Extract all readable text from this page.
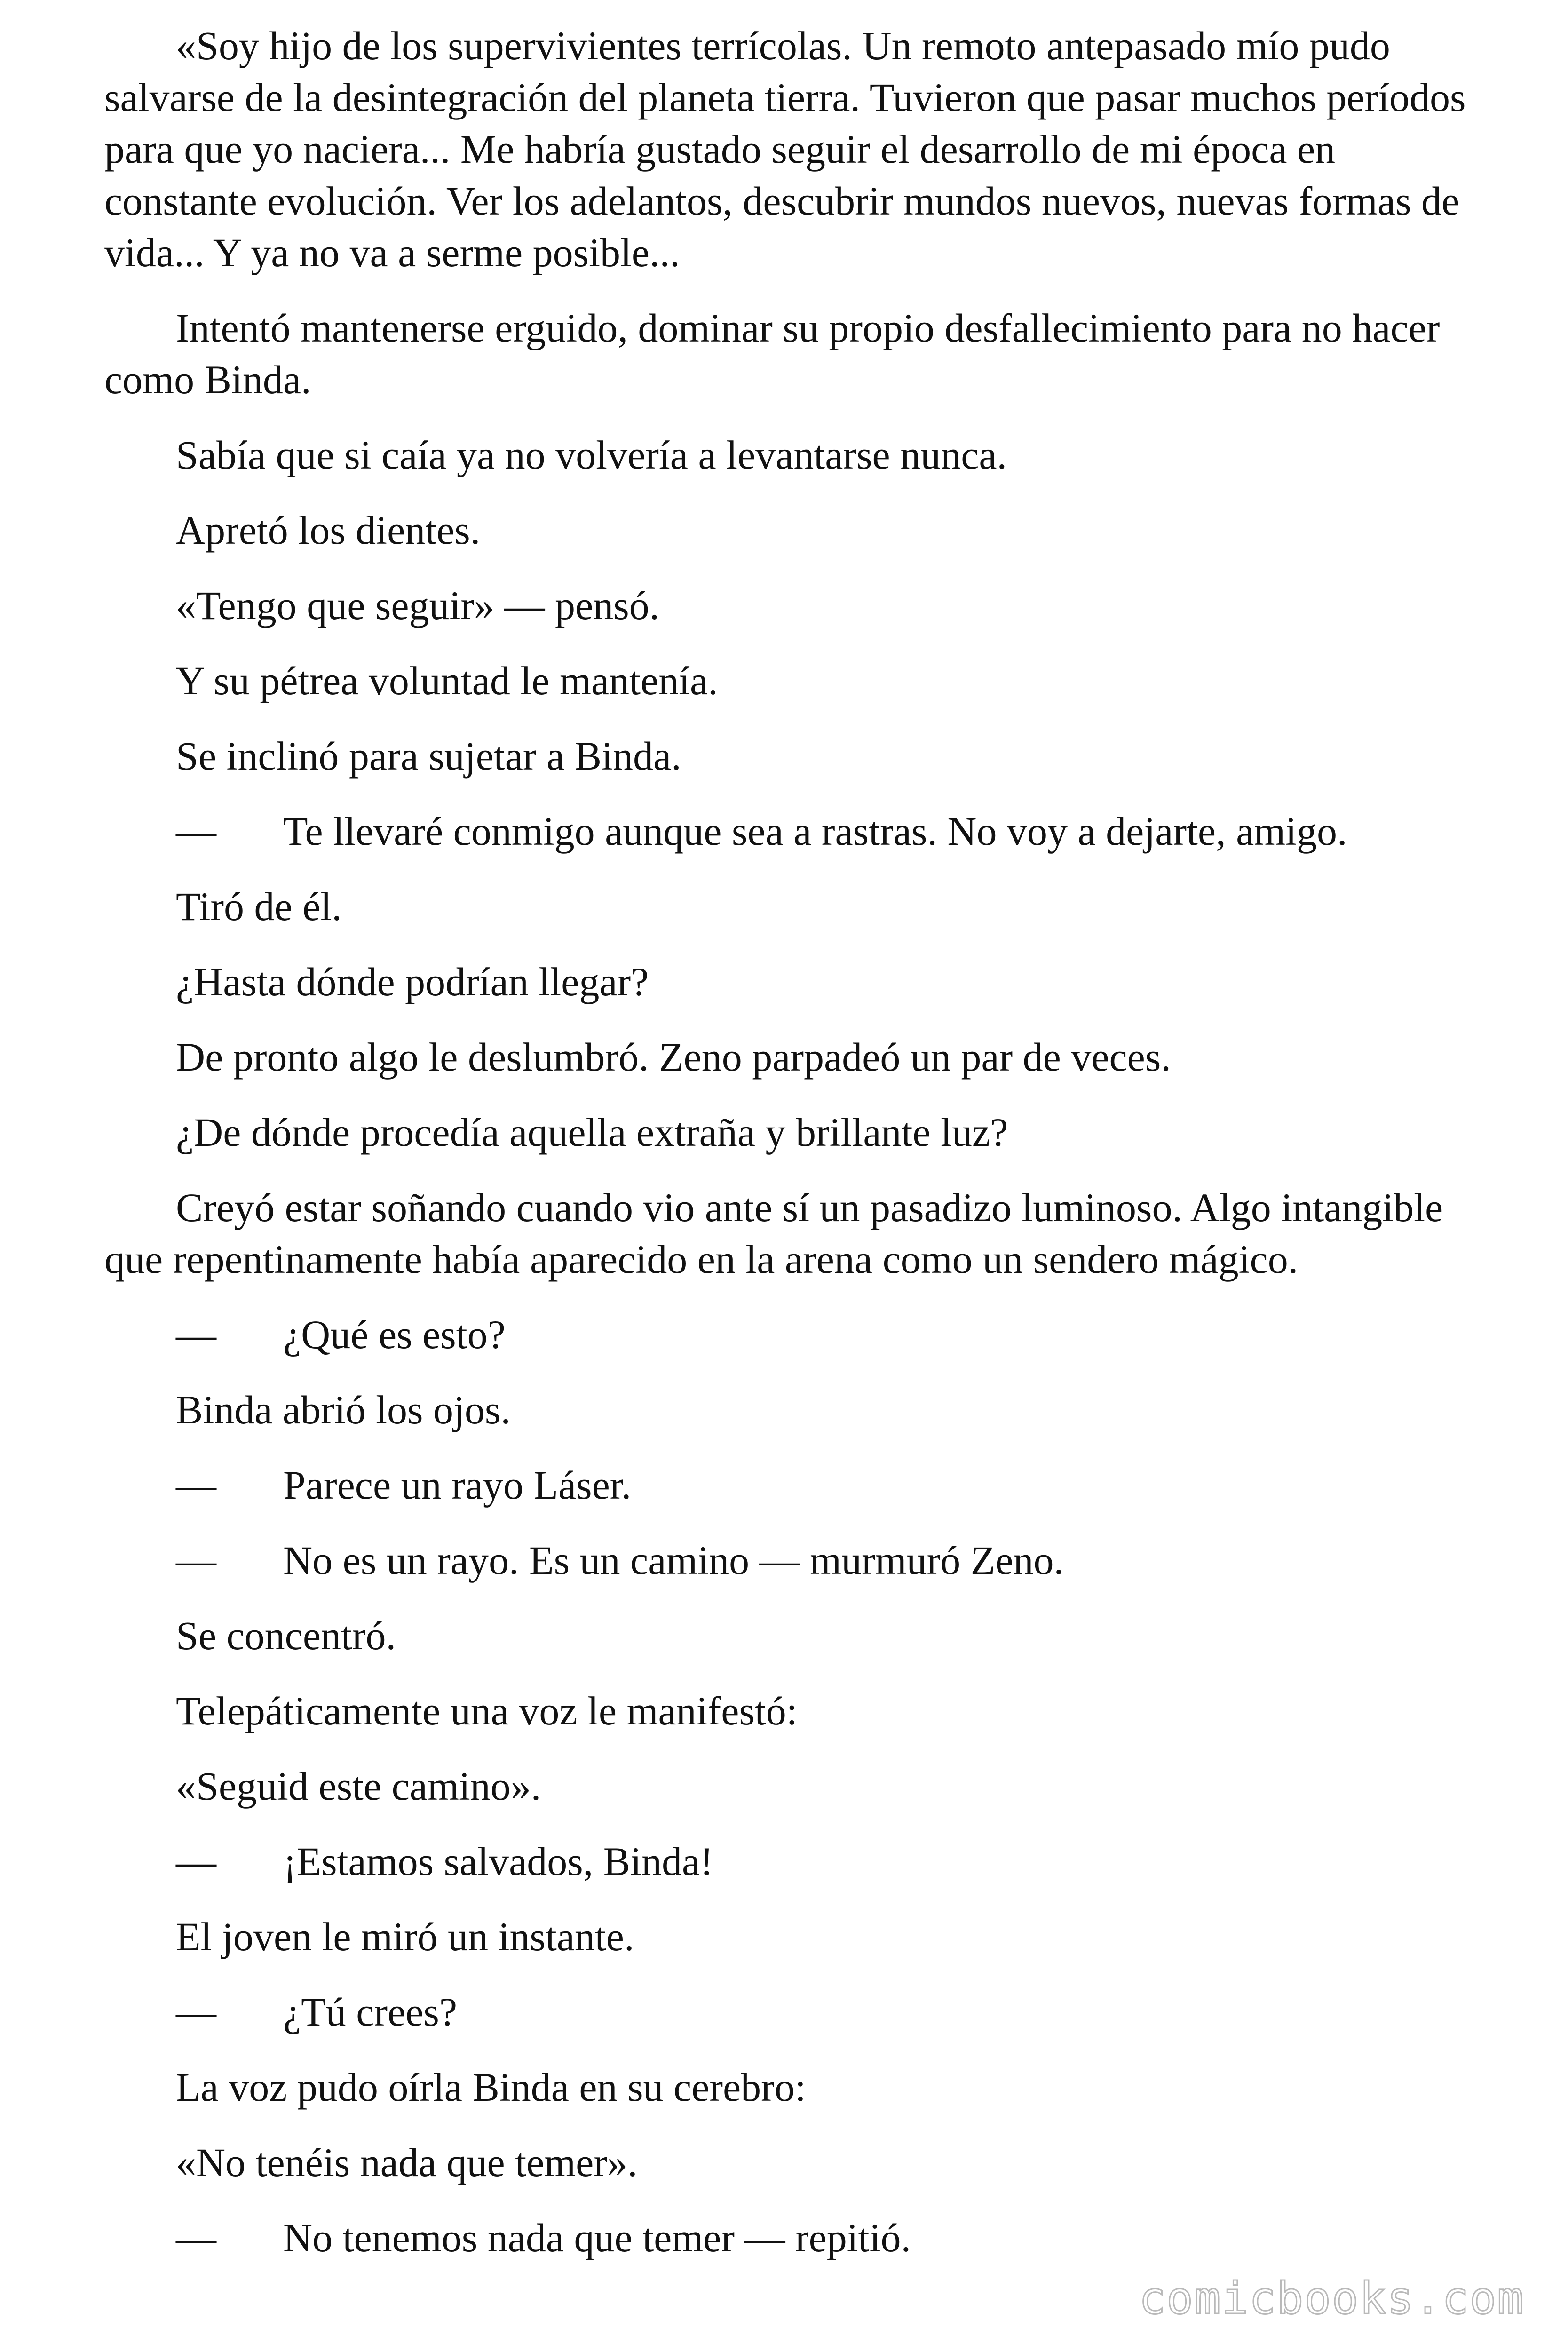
«Soy hijo de los supervivientes terrícolas. Un remoto antepasado mío pudo salvarse de la desintegración del planeta tierra. Tuvieron que pasar muchos períodos para que yo naciera... Me habría gustado seguir el desarrollo de mi época en constante evolución. Ver los adelantos, descubrir mundos nuevos, nuevas formas de vida... Y ya no va a serme posible...

Intentó mantenerse erguido, dominar su propio desfallecimiento para no hacer como Binda.

Sabía que si caía ya no volvería a levantarse nunca.

Apretó los dientes.

«Tengo que seguir» — pensó.

Y su pétrea voluntad le mantenía.

Se inclinó para sujetar a Binda.

—	Te llevaré conmigo aunque sea a rastras. No voy a dejarte, amigo.

Tiró de él.

¿Hasta dónde podrían llegar?

De pronto algo le deslumbró. Zeno parpadeó un par de veces.

¿De dónde procedía aquella extraña y brillante luz?

Creyó estar soñando cuando vio ante sí un pasadizo luminoso. Algo intangible que repentinamente había aparecido en la arena como un sendero mágico.

—	¿Qué es esto?

Binda abrió los ojos.

—	Parece un rayo Láser.
—	No es un rayo. Es un camino — murmuró Zeno.

Se concentró.

Telepáticamente una voz le manifestó:

«Seguid este camino».

—	¡Estamos salvados, Binda!

El joven le miró un instante.

—	¿Tú crees?

La voz pudo oírla Binda en su cerebro:

«No tenéis nada que temer».

—	No tenemos nada que temer — repitió.
comicbooks.com
